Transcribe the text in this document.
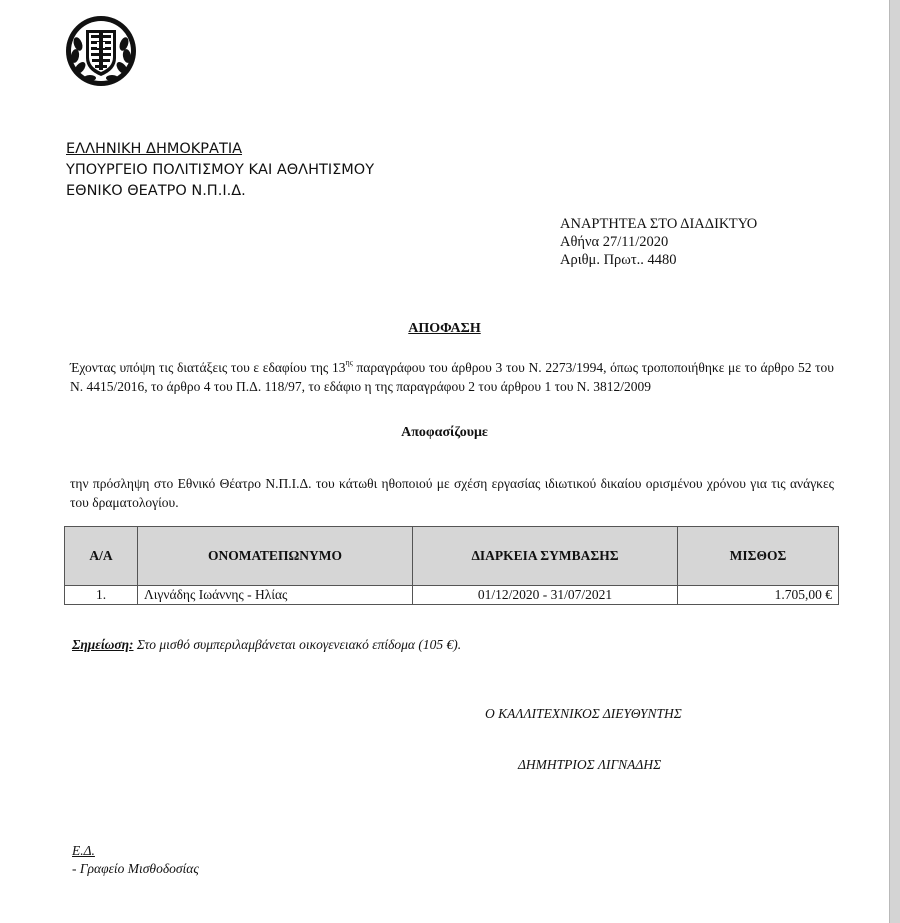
ΕΛΛΗΝΙΚΗ ΔΗΜΟΚΡΑΤΙΑ
ΥΠΟΥΡΓΕΙΟ ΠΟΛΙΤΙΣΜΟΥ ΚΑΙ ΑΘΛΗΤΙΣΜΟΥ
ΕΘΝΙΚΟ ΘΕΑΤΡΟ Ν.Π.Ι.Δ.
ΑΝΑΡΤΗΤΕΑ ΣΤΟ ΔΙΑΔΙΚΤΥΟ
Αθήνα 27/11/2020
Αριθμ. Πρωτ.. 4480
ΑΠΟΦΑΣΗ
Έχοντας υπόψη τις διατάξεις του ε εδαφίου της $13^{\eta\varsigma}$ παραγράφου του άρθρου 3 του Ν. 2273/1994, όπως τροποποιήθηκε με το άρθρο 52 του Ν. 4415/2016, το άρθρο 4 του Π.Δ. 118/97, το εδάφιο η της παραγράφου 2 του άρθρου 1 του Ν. 3812/2009
Αποφασίζουμε
την πρόσληψη στο Εθνικό Θέατρο Ν.Π.Ι.Δ. του κάτωθι ηθοποιού με σχέση εργασίας ιδιωτικού δικαίου ορισμένου χρόνου για τις ανάγκες του δραματολογίου.
Α/Α	ΟΝΟΜΑΤΕΠΩΝΥΜΟ	ΔΙΑΡΚΕΙΑ ΣΥΜΒΑΣΗΣ	ΜΙΣΘΟΣ
1.	Λιγνάδης Ιωάννης - Ηλίας	01/12/2020 - 31/07/2021	1.705,00 €
Σημείωση: Στο μισθό συμπεριλαμβάνεται οικογενειακό επίδομα (105 €).
Ο ΚΑΛΛΙΤΕΧΝΙΚΟΣ ΔΙΕΥΘΥΝΤΗΣ
ΔΗΜΗΤΡΙΟΣ ΛΙΓΝΑΔΗΣ
Ε.Δ.
- Γραφείο Μισθοδοσίας
